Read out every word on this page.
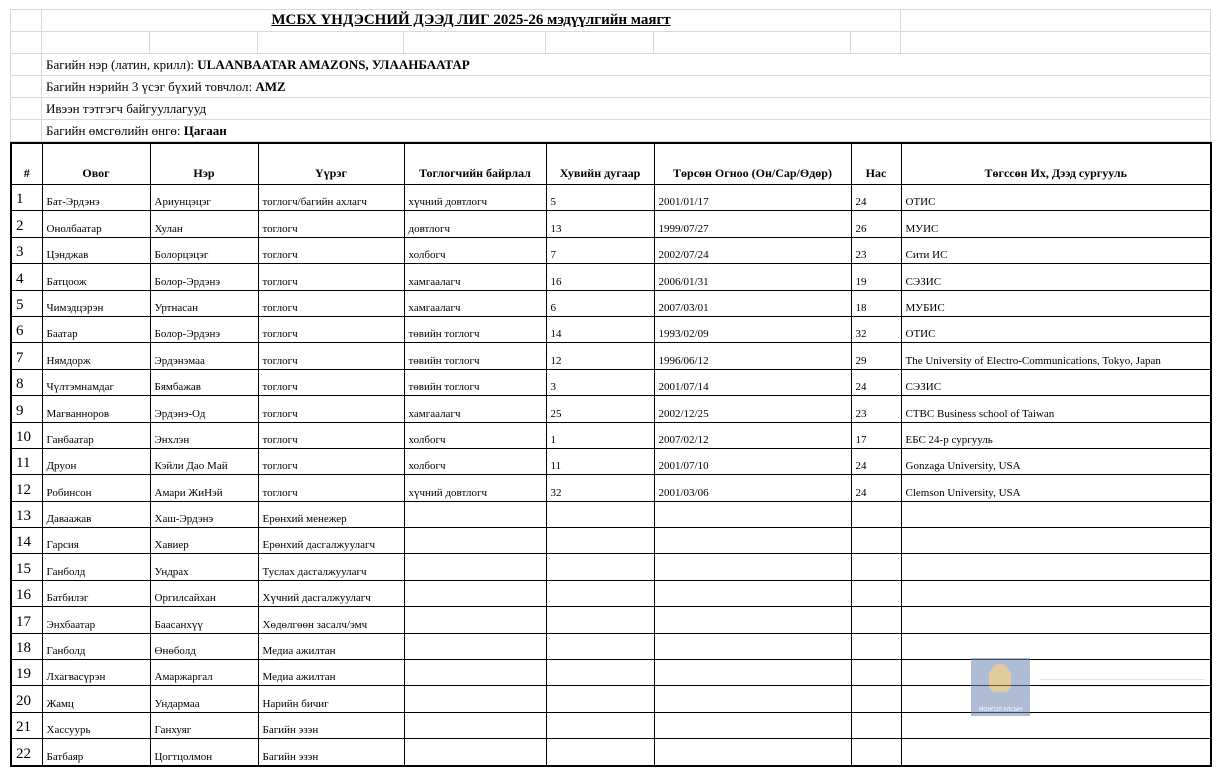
	МСБХ ҮНДЭСНИЙ ДЭЭД ЛИГ 2025-26 мэдүүлгийн маягт							

	Багийн нэр (латин, крилл): ULAANBAATAR AMAZONS, УЛААНБААТАР							
	Багийн нэрийн 3 үсэг бүхий товчлол: AMZ							
	Ивээн тэтгэгч байгууллагууд							
	Багийн өмсгөлийн өнгө: Цагаан							
#	Овог	Нэр	Үүрэг	Тоглогчийн байрлал	Хувийн дугаар	Төрсөн Огноо (Он/Сар/Өдөр)	Нас	Төгссөн Их, Дээд сургууль
1	Бат-Эрдэнэ	Ариунцэцэг	тоглогч/багийн ахлагч	хүчний довтлогч	5	2001/01/17	24	ОТИС
2	Онолбаатар	Хулан	тоглогч	довтлогч	13	1999/07/27	26	МУИС
3	Цэнджав	Болорцэцэг	тоглогч	холбогч	7	2002/07/24	23	Сити ИС
4	Батцоож	Болор-Эрдэнэ	тоглогч	хамгаалагч	16	2006/01/31	19	СЭЗИС
5	Чимэдцэрэн	Уртнасан	тоглогч	хамгаалагч	6	2007/03/01	18	МУБИС
6	Баатар	Болор-Эрдэнэ	тоглогч	төвийн тоглогч	14	1993/02/09	32	ОТИС
7	Нямдорж	Эрдэнэмаа	тоглогч	төвийн тоглогч	12	1996/06/12	29	The University of Electro-Communications, Tokyo, Japan
8	Чүлтэмнамдаг	Бямбажав	тоглогч	төвийн тоглогч	3	2001/07/14	24	СЭЗИС
9	Магванноров	Эрдэнэ-Од	тоглогч	хамгаалагч	25	2002/12/25	23	CTBC Business school of Taiwan
10	Ганбаатар	Энхлэн	тоглогч	холбогч	1	2007/02/12	17	ЕБС 24-р сургууль
11	Дрyон	Кэйли Дао Май	тоглогч	холбогч	11	2001/07/10	24	Gonzaga University, USA
12	Робинсон	Амари ЖиНэй	тоглогч	хүчний довтлогч	32	2001/03/06	24	Clemson University, USA
13	Даваажав	Хаш-Эрдэнэ	Ерөнхий менежер					
14	Гарсия	Хавиер	Ерөнхий дасгалжуулагч					
15	Ганболд	Ундрах	Туслах дасгалжуулагч					
16	Батбилэг	Оргилсайхан	Хүчний дасгалжуулагч					
17	Энхбаатар	Баасанхүү	Хөдөлгөөн засалч/эмч					
18	Ганболд	Өнөболд	Медиа ажилтан					
19	Лхагвасүрэн	Амаржаргал	Медиа ажилтан					
20	Жамц	Ундармаа	Нарийн бичиг					
21	Хассуурь	Ганхуяг	Багийн эзэн					
22	Батбаяр	Цогтцолмон	Багийн эзэн					
МОНГОЛ УЛСЫН
